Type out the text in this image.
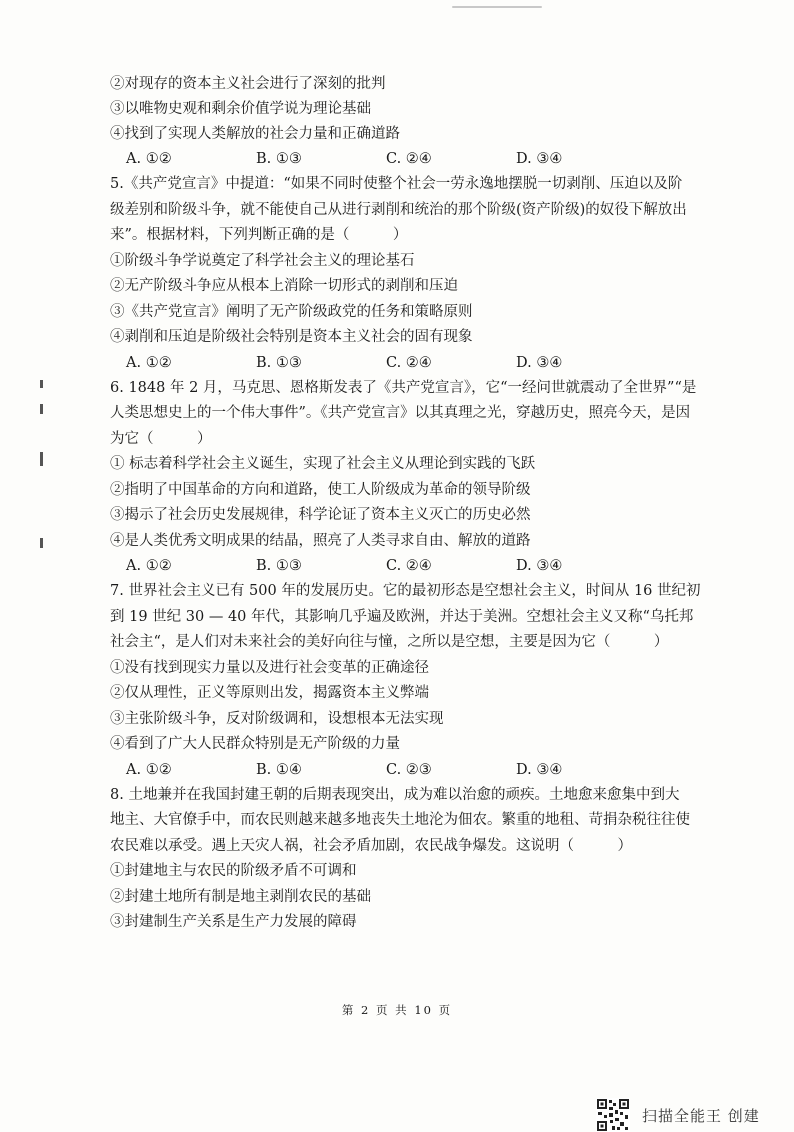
②对现存的资本主义社会进行了深刻的批判
③以唯物史观和剩余价值学说为理论基础
④找到了实现人类解放的社会力量和正确道路
A. ①②	B. ①③	C. ②④	D. ③④
5.《共产党宣言》中提道：“如果不同时使整个社会一劳永逸地摆脱一切剥削、压迫以及阶
级差别和阶级斗争，就不能使自己从进行剥削和统治的那个阶级(资产阶级)的奴役下解放出
来”。根据材料，下列判断正确的是（　　　）
①阶级斗争学说奠定了科学社会主义的理论基石
②无产阶级斗争应从根本上消除一切形式的剥削和压迫
③《共产党宣言》阐明了无产阶级政党的任务和策略原则
④剥削和压迫是阶级社会特别是资本主义社会的固有现象
A. ①②	B. ①③	C. ②④	D. ③④
6. 1848 年 2 月，马克思、恩格斯发表了《共产党宣言》，它“一经问世就震动了全世界”“是
人类思想史上的一个伟大事件”。《共产党宣言》以其真理之光，穿越历史，照亮今天，是因
为它（　　　）
① 标志着科学社会主义诞生，实现了社会主义从理论到实践的飞跃
②指明了中国革命的方向和道路，使工人阶级成为革命的领导阶级
③揭示了社会历史发展规律，科学论证了资本主义灭亡的历史必然
④是人类优秀文明成果的结晶，照亮了人类寻求自由、解放的道路
A. ①②	B. ①③	C. ②④	D. ③④
7. 世界社会主义已有 500 年的发展历史。它的最初形态是空想社会主义，时间从 16 世纪初
到 19 世纪 30 — 40 年代，其影响几乎遍及欧洲，并达于美洲。空想社会主义又称“乌托邦
社会主“，是人们对未来社会的美好向往与憧，之所以是空想，主要是因为它（　　　）
①没有找到现实力量以及进行社会变革的正确途径
②仅从理性，正义等原则出发，揭露资本主义弊端
③主张阶级斗争，反对阶级调和，设想根本无法实现
④看到了广大人民群众特别是无产阶级的力量
A. ①②	B. ①④	C. ②③	D. ③④
8. 土地兼并在我国封建王朝的后期表现突出，成为难以治愈的顽疾。土地愈来愈集中到大
地主、大官僚手中，而农民则越来越多地丧失土地沦为佃农。繁重的地租、苛捐杂税往往使
农民难以承受。遇上天灾人祸，社会矛盾加剧，农民战争爆发。这说明（　　　）
①封建地主与农民的阶级矛盾不可调和
②封建土地所有制是地主剥削农民的基础
③封建制生产关系是生产力发展的障碍
第 2 页 共 10 页
扫描全能王 创建
